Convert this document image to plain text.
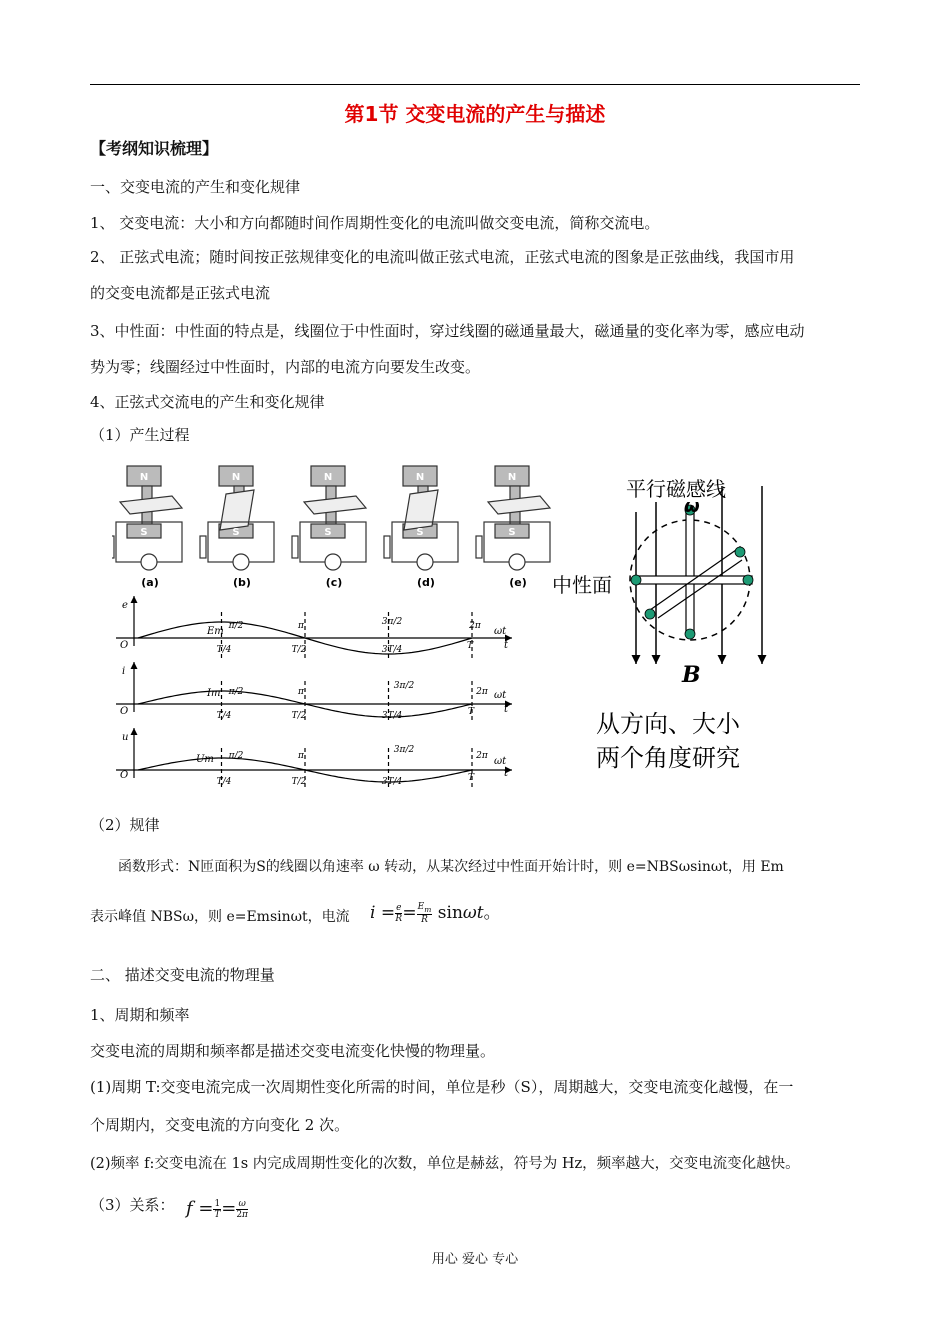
第1节 交变电流的产生与描述
【考纲知识梳理】
一、交变电流的产生和变化规律
1、 交变电流：大小和方向都随时间作周期性变化的电流叫做交变电流，简称交流电。
2、 正弦式电流；随时间按正弦规律变化的电流叫做正弦式电流，正弦式电流的图象是正弦曲线，我国市用
的交变电流都是正弦式电流
3、中性面：中性面的特点是，线圈位于中性面时，穿过线圈的磁通量最大，磁通量的变化率为零，感应电动
势为零；线圈经过中性面时，内部的电流方向要发生改变。
4、正弦式交流电的产生和变化规律
（1）产生过程
N	N	N	N	N
S	S	S	S	S
(a)	(b)	(c)	(d)	(e)
e
i
u
O
O
O
Em
Im
Um
ωt
ωt
ωt
t
t
t
π/2	π	3π/2	2π
T/4	T/2	3T/4	T
π/2	π
3π/2
2π
T/4	T/2	3T/4	T
π/2	π
3π/2
2π
T/4	T/2	3T/4	T
平行磁感线
ω
中性面
B
从方向、大小
两个角度研究
（2）规律
函数形式：N匝面积为S的线圈以角速率 ω 转动，从某次经过中性面开始计时，则 e=NBSωsinωt，用 Em
表示峰值 NBSω，则 e=Emsinωt，电流 $i = \frac{e}{R} = \frac{E_m}{R}$ sinωt。
二、 描述交变电流的物理量
1、周期和频率
交变电流的周期和频率都是描述交变电流变化快慢的物理量。
(1)周期 T:交变电流完成一次周期性变化所需的时间，单位是秒（S），周期越大，交变电流变化越慢，在一
个周期内，交变电流的方向变化 2 次。
(2)频率 f:交变电流在 1s 内完成周期性变化的次数，单位是赫兹，符号为 Hz，频率越大，交变电流变化越快。
（3）关系： $f = \frac{1}{T} = \frac{\omega}{2\pi}$
用心 爱心 专心
